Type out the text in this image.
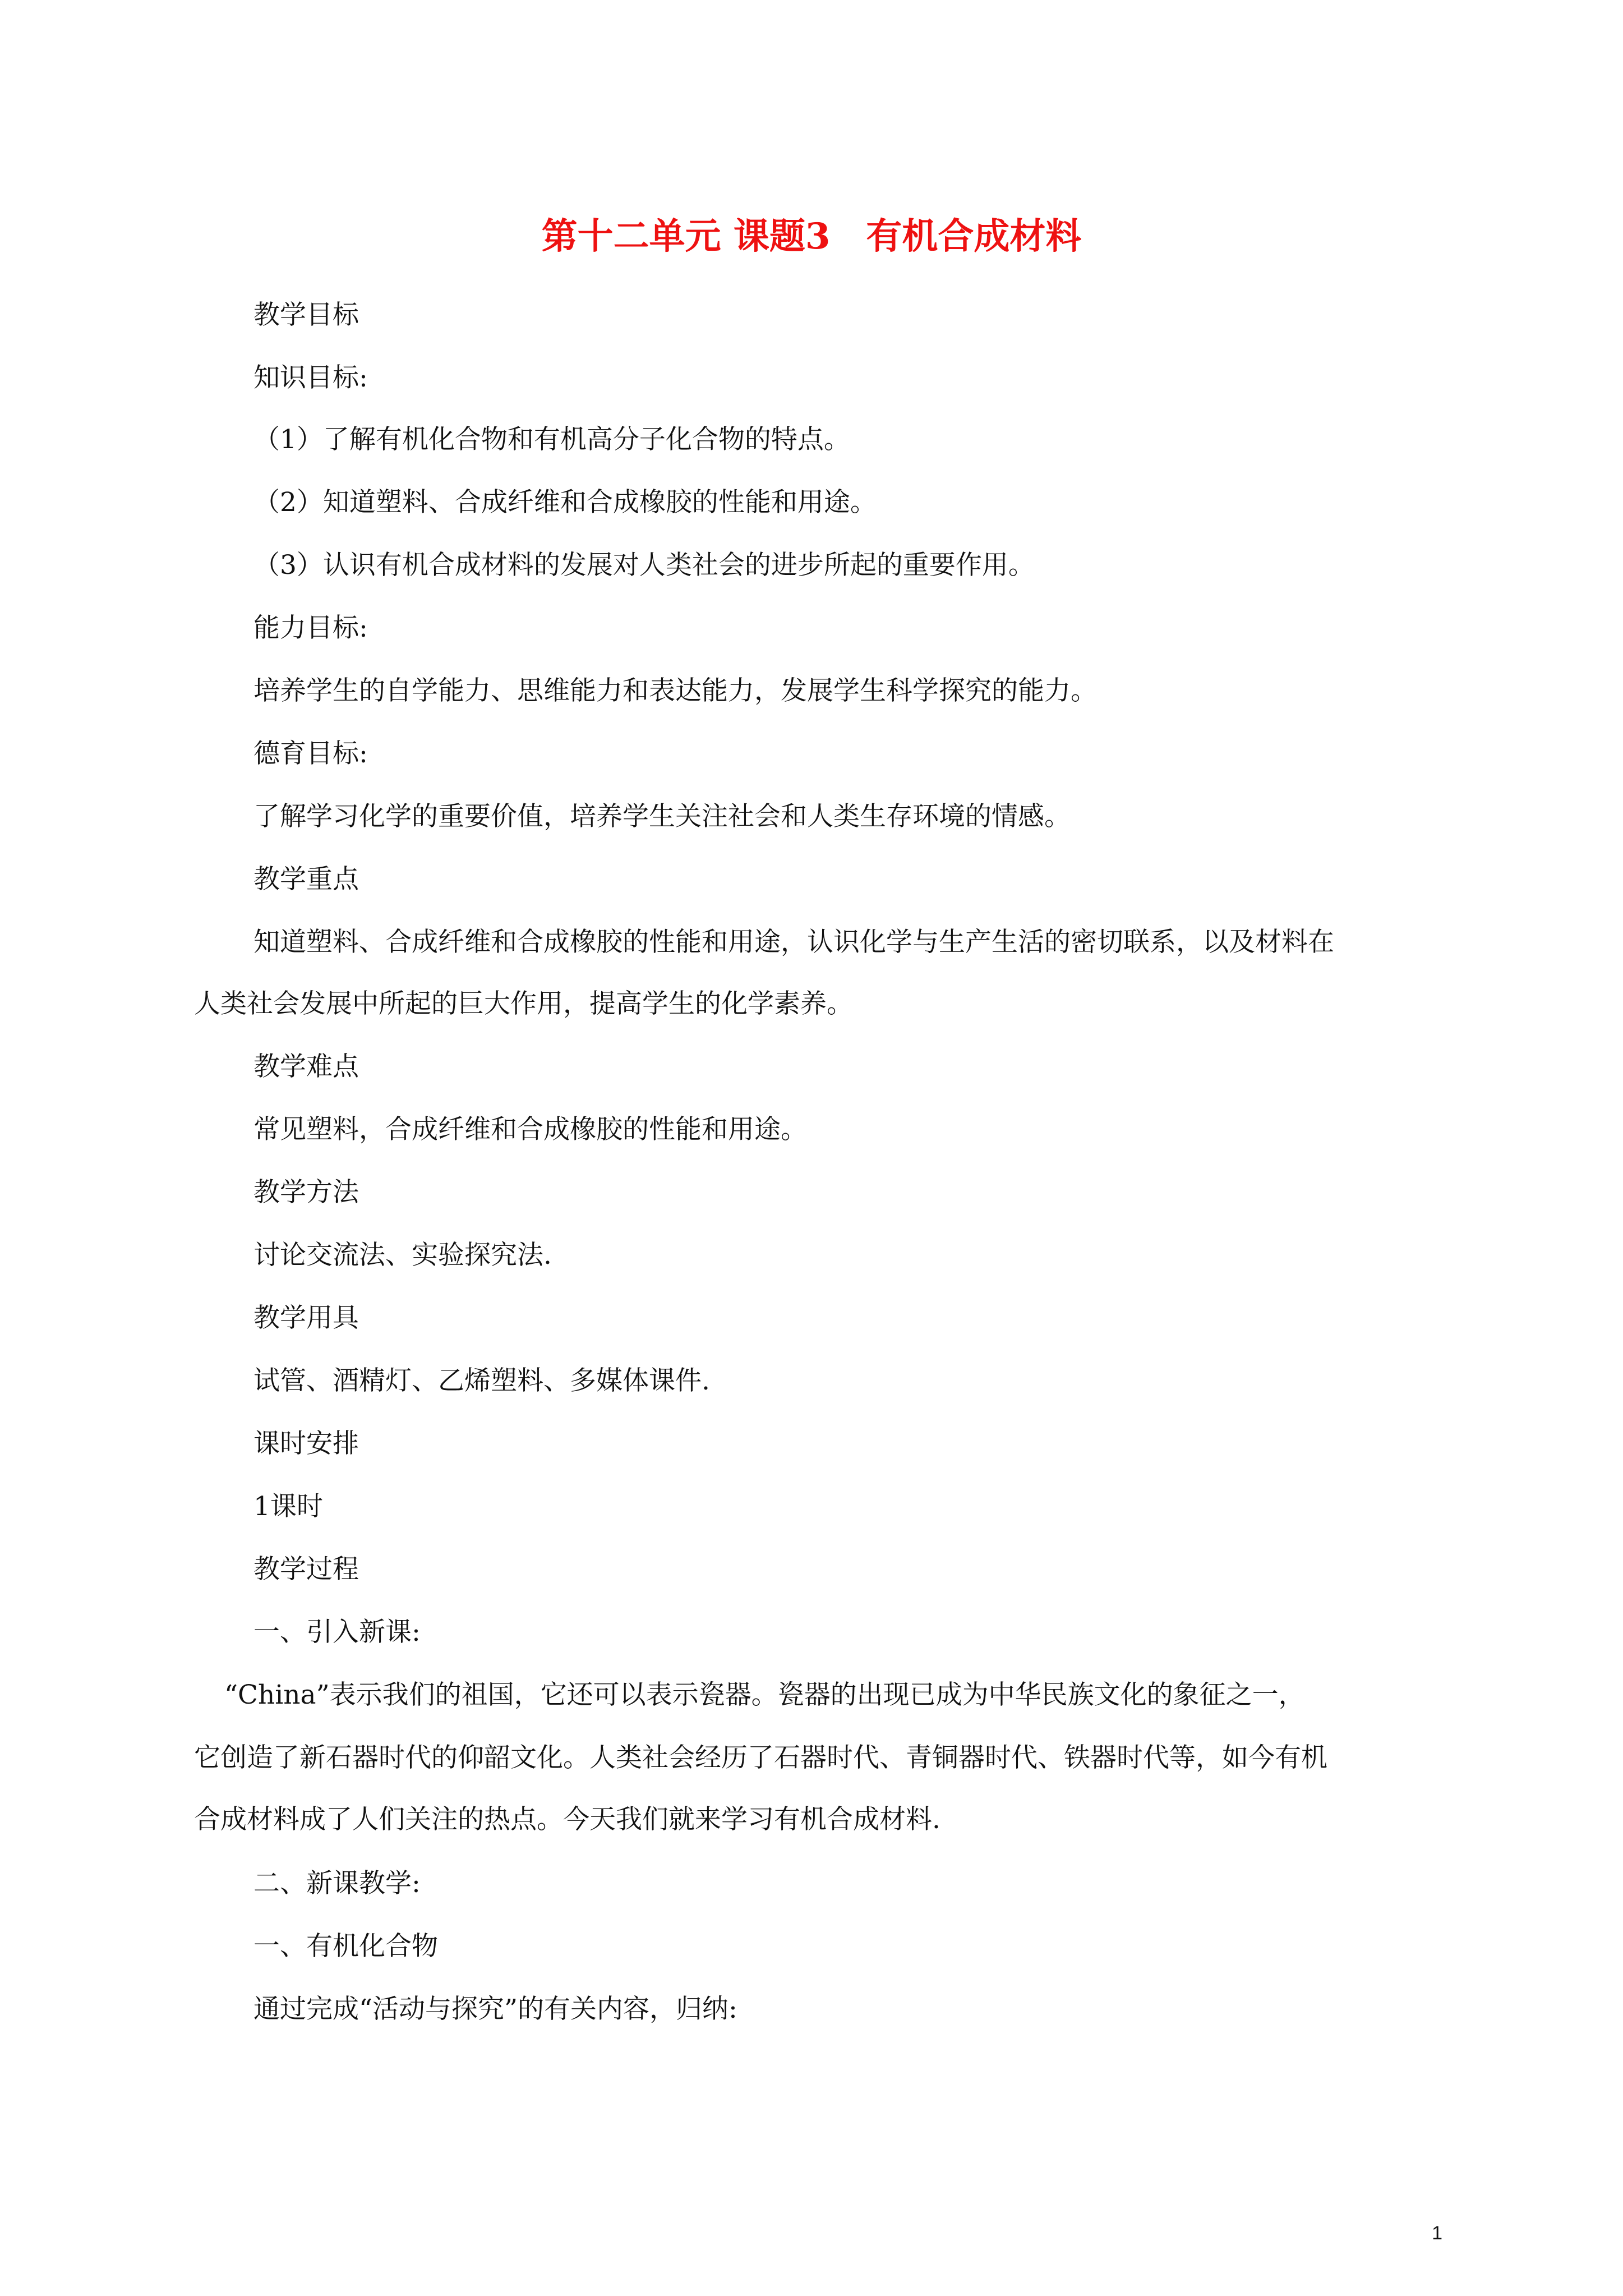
第十二单元 课题3　有机合成材料
教学目标
知识目标:
（1）了解有机化合物和有机高分子化合物的特点。
（2）知道塑料、合成纤维和合成橡胶的性能和用途。
（3）认识有机合成材料的发展对人类社会的进步所起的重要作用。
能力目标:
培养学生的自学能力、思维能力和表达能力，发展学生科学探究的能力。
德育目标:
了解学习化学的重要价值，培养学生关注社会和人类生存环境的情感。
教学重点
知道塑料、合成纤维和合成橡胶的性能和用途，认识化学与生产生活的密切联系，以及材料在
人类社会发展中所起的巨大作用，提高学生的化学素养。
教学难点
常见塑料，合成纤维和合成橡胶的性能和用途。
教学方法
讨论交流法、实验探究法.
教学用具
试管、酒精灯、乙烯塑料、多媒体课件.
课时安排
1课时
教学过程
一、引入新课:
“China”表示我们的祖国，它还可以表示瓷器。瓷器的出现已成为中华民族文化的象征之一，
它创造了新石器时代的仰韶文化。人类社会经历了石器时代、青铜器时代、铁器时代等，如今有机
合成材料成了人们关注的热点。今天我们就来学习有机合成材料.
二、新课教学:
一、有机化合物
通过完成“活动与探究”的有关内容，归纳:
1
